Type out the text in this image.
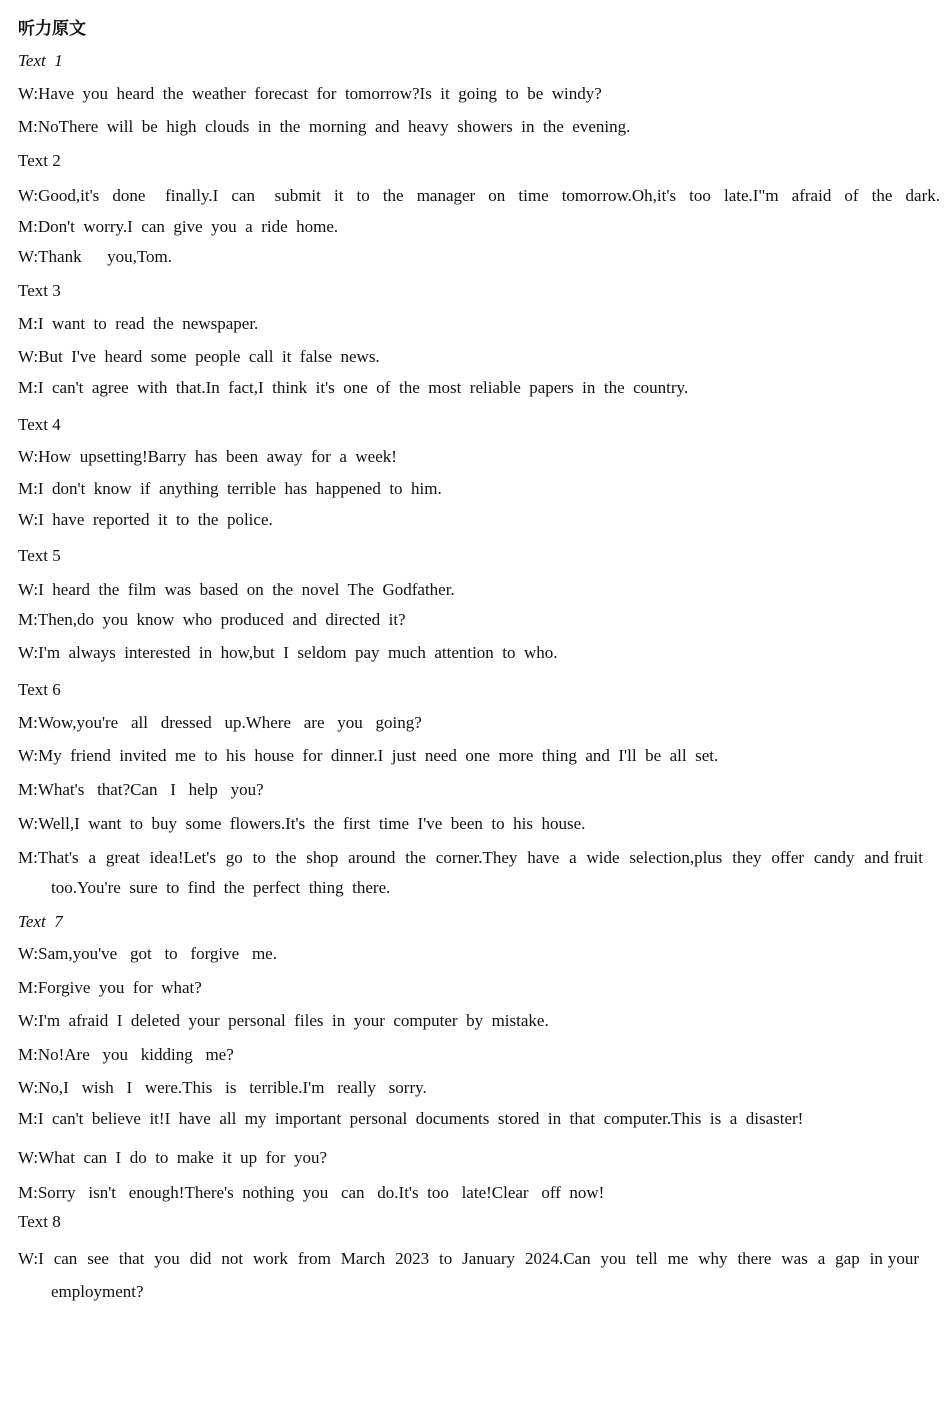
听力原文
Text  1
W:Have  you  heard  the  weather  forecast  for  tomorrow?Is  it  going  to  be  windy?
M:NoThere  will  be  high  clouds  in  the  morning  and  heavy  showers  in  the  evening.
Text 2
W:Good,it's  done   finally.I  can   submit  it  to  the  manager  on  time  tomorrow.Oh,it's  too  late.I"m  afraid  of  the  dark.
M:Don't  worry.I  can  give  you  a  ride  home.
W:Thank      you,Tom.
Text 3
M:I  want  to  read  the  newspaper.
W:But  I've  heard  some  people  call  it  false  news.
M:I  can't  agree  with  that.In  fact,I  think  it's  one  of  the  most  reliable  papers  in  the  country.
Text 4
W:How  upsetting!Barry  has  been  away  for  a  week!
M:I  don't  know  if  anything  terrible  has  happened  to  him.
W:I  have  reported  it  to  the  police.
Text 5
W:I  heard  the  film  was  based  on  the  novel  The  Godfather.
M:Then,do  you  know  who  produced  and  directed  it?
W:I'm  always  interested  in  how,but  I  seldom  pay  much  attention  to  who.
Text 6
M:Wow,you're   all   dressed   up.Where   are   you   going?
W:My  friend  invited  me  to  his  house  for  dinner.I  just  need  one  more  thing  and  I'll  be  all  set.
M:What's   that?Can   I   help   you?
W:Well,I  want  to  buy  some  flowers.It's  the  first  time  I've  been  to  his  house.
M:That's  a  great  idea!Let's  go  to  the  shop  around  the  corner.They  have  a  wide  selection,plus  they  offer  candy  and fruit too.You're  sure  to  find  the  perfect  thing  there.
Text  7
W:Sam,you've   got   to   forgive   me.
M:Forgive  you  for  what?
W:I'm  afraid  I  deleted  your  personal  files  in  your  computer  by  mistake.
M:No!Are   you   kidding   me?
W:No,I   wish   I   were.This   is   terrible.I'm   really   sorry.
M:I  can't  believe  it!I  have  all  my  important  personal  documents  stored  in  that  computer.This  is  a  disaster!
W:What  can  I  do  to  make  it  up  for  you?
M:Sorry   isn't   enough!There's  nothing  you   can   do.It's  too   late!Clear   off  now!
Text 8
W:I  can  see  that  you  did  not  work  from  March  2023  to  January  2024.Can  you  tell  me  why  there  was  a  gap  in your employment?
